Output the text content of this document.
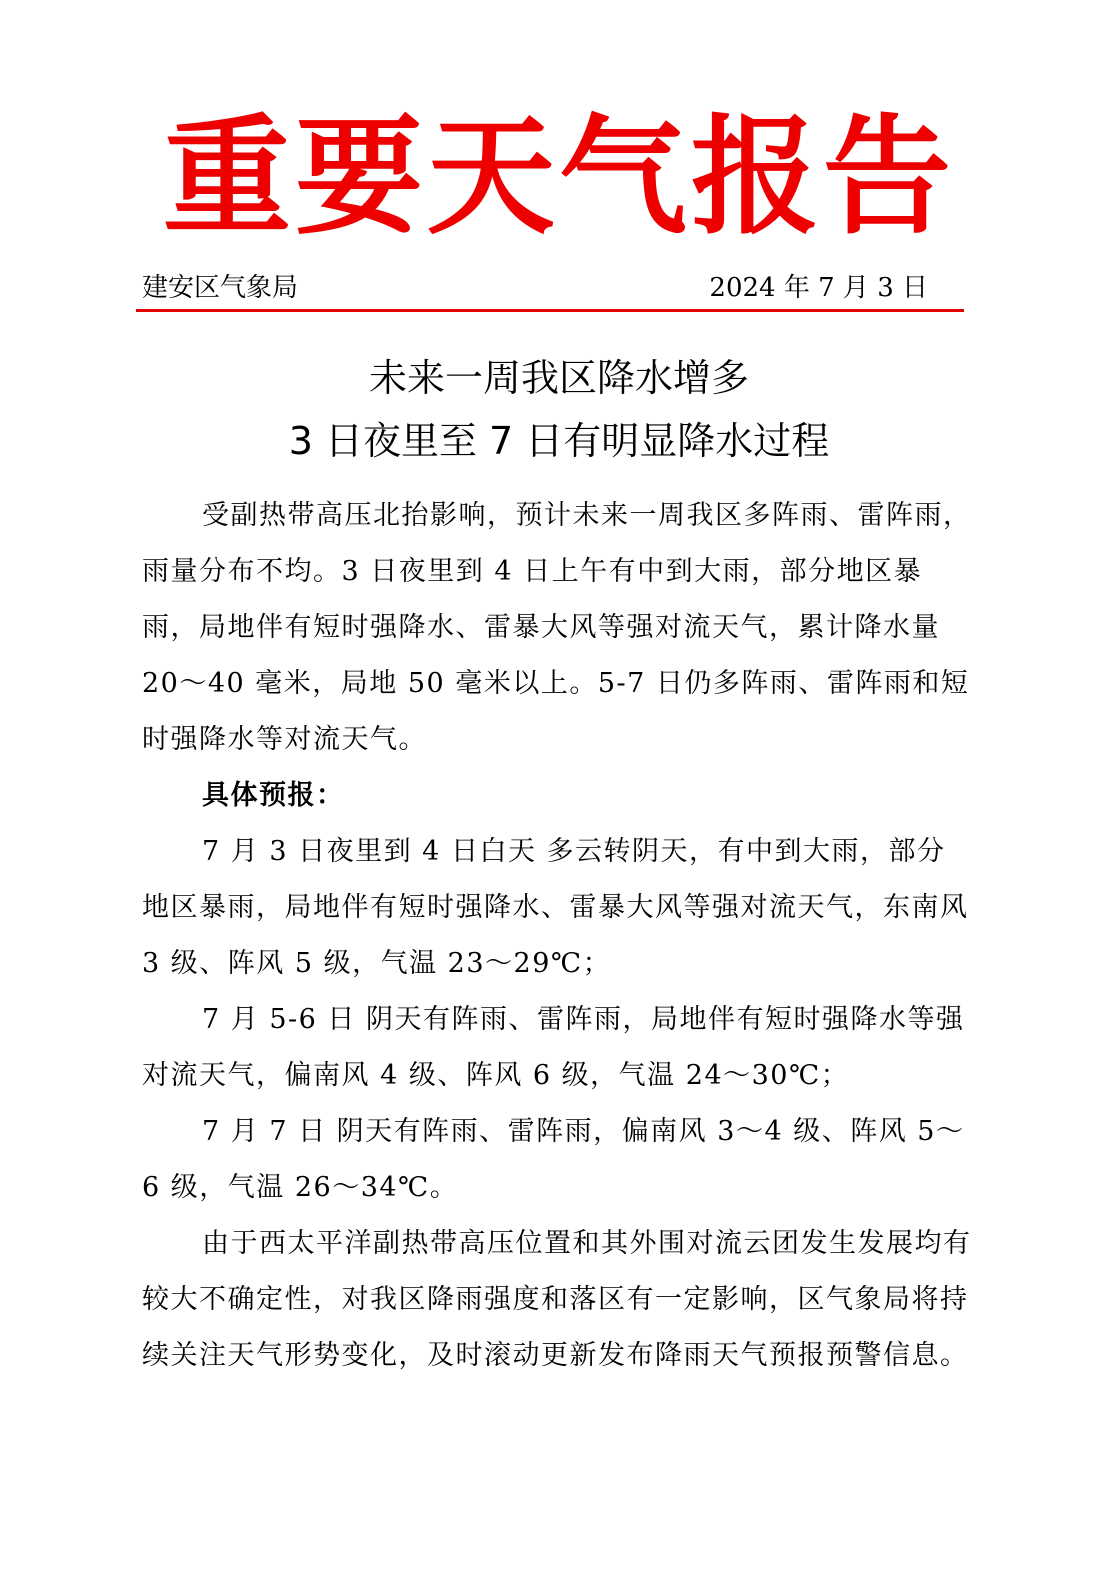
重要天气报告
建安区气象局	2024 年 7 月 3 日
未来一周我区降水增多
3 日夜里至 7 日有明显降水过程

受副热带高压北抬影响，预计未来一周我区多阵雨、雷阵雨，雨量分布不均。3 日夜里到 4 日上午有中到大雨，部分地区暴雨，局地伴有短时强降水、雷暴大风等强对流天气，累计降水量 20～40 毫米，局地 50 毫米以上。5-7 日仍多阵雨、雷阵雨和短时强降水等对流天气。

具体预报：

7 月 3 日夜里到 4 日白天 多云转阴天，有中到大雨，部分地区暴雨，局地伴有短时强降水、雷暴大风等强对流天气，东南风 3 级、阵风 5 级，气温 23～29℃；

7 月 5-6 日 阴天有阵雨、雷阵雨，局地伴有短时强降水等强对流天气，偏南风 4 级、阵风 6 级，气温 24～30℃；

7 月 7 日 阴天有阵雨、雷阵雨，偏南风 3～4 级、阵风 5～6 级，气温 26～34℃。

由于西太平洋副热带高压位置和其外围对流云团发生发展均有较大不确定性，对我区降雨强度和落区有一定影响，区气象局将持续关注天气形势变化，及时滚动更新发布降雨天气预报预警信息。
